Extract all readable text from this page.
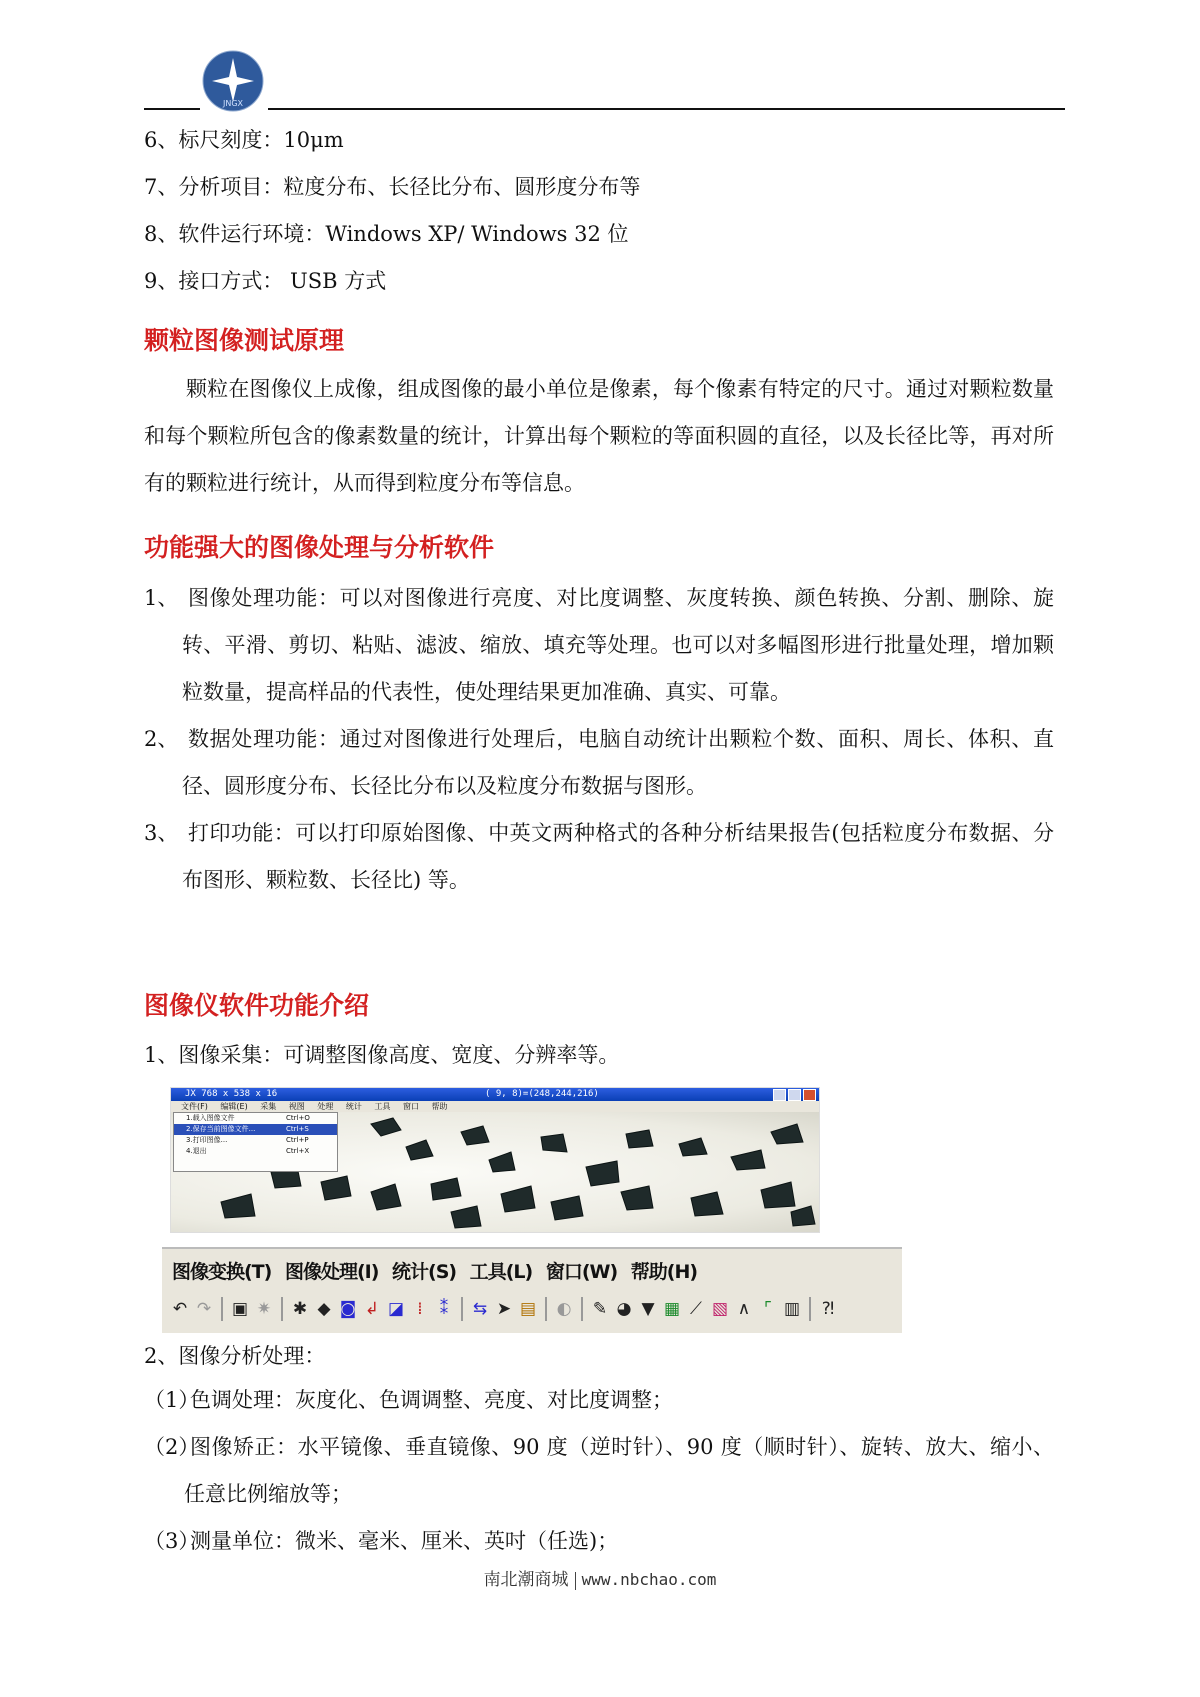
JNGX
6、标尺刻度：10μm
7、分析项目：粒度分布、长径比分布、圆形度分布等
8、软件运行环境：Windows XP/ Windows 32 位
9、接口方式： USB 方式
颗粒图像测试原理

颗粒在图像仪上成像，组成图像的最小单位是像素，每个像素有特定的尺寸。通过对颗粒数量和每个颗粒所包含的像素数量的统计，计算出每个颗粒的等面积圆的直径，以及长径比等，再对所有的颗粒进行统计，从而得到粒度分布等信息。

功能强大的图像处理与分析软件
1、 图像处理功能：可以对图像进行亮度、对比度调整、灰度转换、颜色转换、分割、删除、旋转、平滑、剪切、粘贴、滤波、缩放、填充等处理。也可以对多幅图形进行批量处理，增加颗粒数量，提高样品的代表性，使处理结果更加准确、真实、可靠。
2、 数据处理功能：通过对图像进行处理后，电脑自动统计出颗粒个数、面积、周长、体积、直径、圆形度分布、长径比分布以及粒度分布数据与图形。
3、 打印功能：可以打印原始图像、中英文两种格式的各种分析结果报告(包括粒度分布数据、分布图形、颗粒数、长径比) 等。
图像仪软件功能介绍
1、图像采集：可调整图像高度、宽度、分辨率等。
JX 768 x 538 x 16	( 9, 8)=(248,244,216)
文件(F) 编辑(E) 采集 视图 处理 统计 工具 窗口 帮助
1.载入图像文件	Ctrl+O
2.保存当前图像文件...	Ctrl+S
3.打印图像...	Ctrl+P
4.退出	Ctrl+X
图像变换(T) 图像处理(I) 统计(S) 工具(L) 窗口(W) 帮助(H)
↶ ↷ ▣ ✷ ✱ ◆ ◙ ↲ ◪ ⁞	⁑	⇆ ➤ ▤ ◐ ✎ ◕ ▼ ▦ ⟋ ▧ ∧ ⌜ ▥ ⁈
2、图像分析处理：
（1）
色调处理：灰度化、色调调整、亮度、对比度调整；
（2）
图像矫正：水平镜像、垂直镜像、90 度（逆时针）、90 度（顺时针）、旋转、放大、缩小、任意比例缩放等；
（3）
测量单位：微米、毫米、厘米、英吋（任选)；
南北潮商城 www.nbchao.com
